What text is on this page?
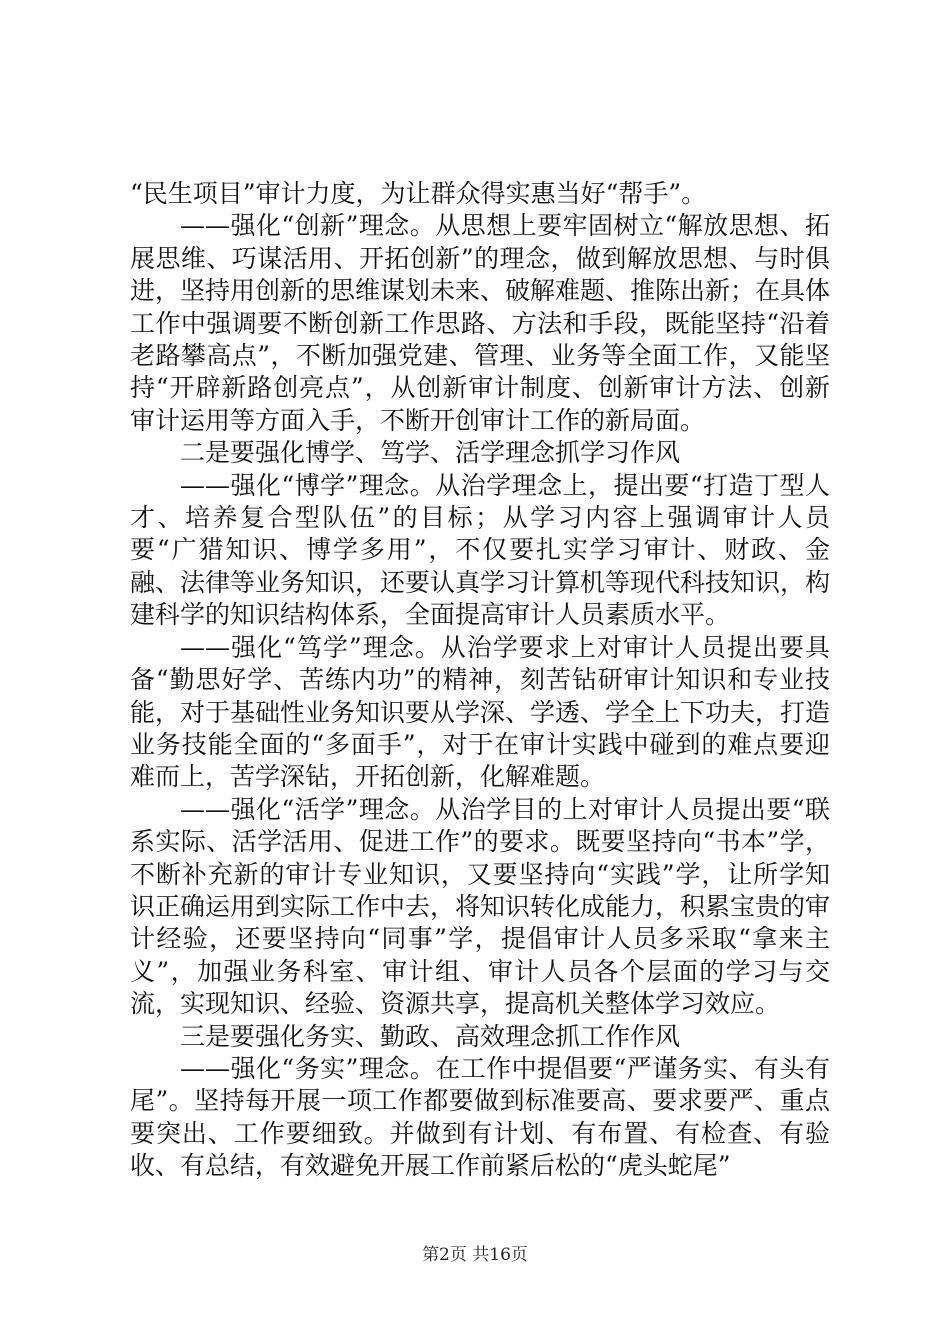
“民生项目”审计力度，为让群众得实惠当好“帮手”。

——强化“创新”理念。从思想上要牢固树立“解放思想、拓展思维、巧谋活用、开拓创新”的理念，做到解放思想、与时俱进，坚持用创新的思维谋划未来、破解难题、推陈出新；在具体工作中强调要不断创新工作思路、方法和手段，既能坚持“沿着老路攀高点”，不断加强党建、管理、业务等全面工作，又能坚持“开辟新路创亮点”，从创新审计制度、创新审计方法、创新审计运用等方面入手，不断开创审计工作的新局面。

二是要强化博学、笃学、活学理念抓学习作风

——强化“博学”理念。从治学理念上，提出要“打造丁型人才、培养复合型队伍”的目标；从学习内容上强调审计人员要“广猎知识、博学多用”，不仅要扎实学习审计、财政、金融、法律等业务知识，还要认真学习计算机等现代科技知识，构建科学的知识结构体系，全面提高审计人员素质水平。

——强化“笃学”理念。从治学要求上对审计人员提出要具备“勤思好学、苦练内功”的精神，刻苦钻研审计知识和专业技能，对于基础性业务知识要从学深、学透、学全上下功夫，打造业务技能全面的“多面手”，对于在审计实践中碰到的难点要迎难而上，苦学深钻，开拓创新，化解难题。

——强化“活学”理念。从治学目的上对审计人员提出要“联系实际、活学活用、促进工作”的要求。既要坚持向“书本”学，不断补充新的审计专业知识，又要坚持向“实践”学，让所学知识正确运用到实际工作中去，将知识转化成能力，积累宝贵的审计经验，还要坚持向“同事”学，提倡审计人员多采取“拿来主义”，加强业务科室、审计组、审计人员各个层面的学习与交流，实现知识、经验、资源共享，提高机关整体学习效应。

三是要强化务实、勤政、高效理念抓工作作风

——强化“务实”理念。在工作中提倡要“严谨务实、有头有尾”。坚持每开展一项工作都要做到标准要高、要求要严、重点要突出、工作要细致。并做到有计划、有布置、有检查、有验收、有总结，有效避免开展工作前紧后松的“虎头蛇尾”

第2页 共16页
